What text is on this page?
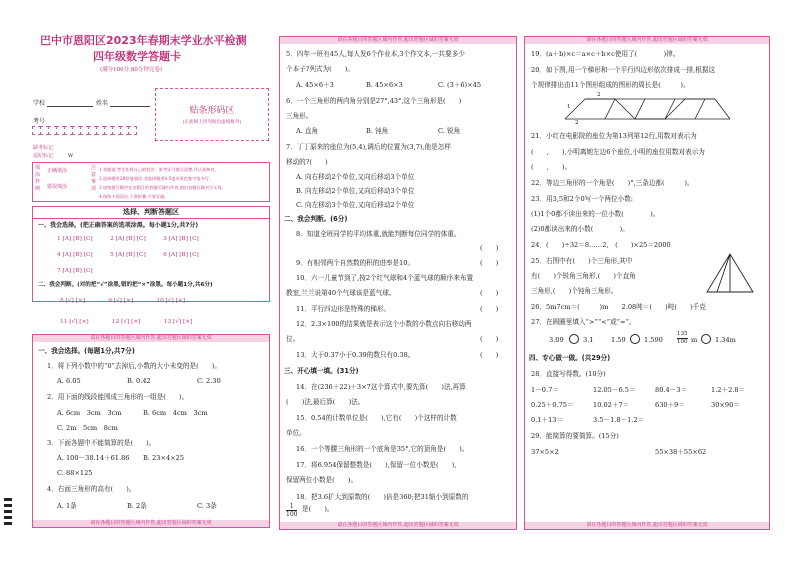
巴中市恩阳区2023年春期末学业水平检测
四年级数学答题卡
(满分100分,80分钟完卷)
学校	姓名
考号
贴条形码区
(正面朝上切勿贴出虚线框外)
缺考标记
违纪标记	W
填涂样例
正确填涂
错误填涂
注意事项
1.答题前,考生先将自己的姓名、准考证号填写清楚,并认真核对。
2.选择题用2B铅笔填涂,非选择题用0.5毫米黑色签字笔书写。
3.请按题号顺序在各题目的答题区域内作答,超出答题区域书写无效。
4.保持卡面清洁,不要折叠,不要弄破。
选择、判断答题区
一、我会选择。(把正确答案的选项涂黑。每小题1分,共7分)
1 [A] [B] [C]　　　	2 [A] [B] [C]　　　	3 [A] [B] [C]
4 [A] [B] [C]　　　	5 [A] [B] [C]　　　	6 [A] [B] [C]
7 [A] [B] [C]
二、我会判断。(对的把“√”涂黑,错的把“×”涂黑。每小题1分,共6分)
8 [√] [×]　　　　	9 [√] [×]　　　　	10 [√] [×]
11 [√] [×]　　　　	12 [√] [×]　　　　	13 [√] [×]
请在各题目的答题区域内作答,超出答题区域的答案无效
一、我会选择。(每题1分,共7分)
1．将下列小数中的“0”去掉后,小数的大小未变的是(　　)。
A. 6.05	B. 0.42	C. 2.30
2．用下面的线段能围成三角形的一组是(　　)。
A. 6cm　3cm　3cm	B. 6cm　4cm　3cm
C. 2m　5cm　8cm
3．下面各题中不能简算的是(　　)。
A. 100－38.14＋61.86 B. 23×4×25
C. 88×125
4．右面三角形的高有(　　)。
A. 1条	B. 2条	C. 3条
请在各题目的答题区域内作答,超出答题区域的答案无效
请在各题目的答题区域内作答,超出答题区域的答案无效
5．四年一班有45人,每人发6个作业本,3个作文本,一共要多少
个本子?列式为(　　)。
A. 45×6＋3	B. 45×6×3	C. (3＋6)×45
6．一个三角形的两内角分别是27°,43°,这个三角形是(　　)
三角形。
A. 直角	B. 钝角	C. 锐角
7．丁丁原来的座位为(5,4),调后的位置为(3,7),他是怎样
移动的?(　　)
A. 向右移动2个单位,又向后移动3个单位
B. 向左移动2个单位,又向后移动3个单位
C. 向左移动3个单位,又向后移动2个单位
二、我会判断。(6分)
8．知道全班同学的平均体重,就能判断每位同学的体重。
(　　)
9．有相邻两个自然数的积的进率是10。	(　　)
10．六一儿童节到了,按2个红气球和4个蓝气球的顺序来布置
教室,兰兰说第40个气球该是蓝气球。	(　　)
11．平行四边形是特殊的梯形。	(　　)
12．2.3×100的结果就是表示这个小数的小数点向右移动两
位。	(　　)
13．大于0.37小于0.39的数只有0.38。	(　　)
三、开心填一填。(31分)
14．在(236＋22)＋3×7这个算式中,要先算(　　)法,再算
(　　)法,最后算(　　)法。
15．0.54的计数单位是(　　),它有(　　)个这样的计数
单位。
16．一个等腰三角形的一个底角是35°,它的顶角是(　　)。
17．将6.954保留整数是(　　),保留一位小数是(　　),
保留两位小数是(　　)。
18．把3.6扩大到原数的(　　)倍是360;把31缩小到原数的
$\frac{1}{100}$ 是(　　)。
请在各题目的答题区域内作答,超出答题区域的答案无效
请在各题目的答题区域内作答,超出答题区域的答案无效
19．(a＋b)×c＝a×c＋b×c使用了(　　　　)律。
20．如下图,用一个梯形和一个平行四边形依次排成一排,根据这
个规律排出由11个图形组成的图形的周长是(　　　)。
2
2
1
21．小红在电影院的座位为第13列第12行,用数对表示为
(　　,　　),小明离她左边6个座位,小明的座位用数对表示为
(　　,　　)。
22．等边三角形的一个角是(　　)°,三条边都(　　　)。
23．用3,5和2个0写一个两位小数:
(1)1个0都不读出来的一位小数(　　　　)。
(2)0都读出来的小数(　　　　)。
24．(　　)÷32＝8……2,　(　　)×25＝2000
25．右图中有(　　)个三角形,其中
有(　　)个锐角三角形,(　　)个直角
三角形,(　　)个钝角三角形。
26．5m7cm＝(　　　)m　　2.08吨＝(　　)吨(　　)千克
27．在圆圈里填入“>”“<”或“=”。
3.09	3.1	1.59	1.590	$\frac{135}{100}$ m	1.34m
四、专心做一做。(共29分)
28．直接写得数。(10分)
1－0.7＝	12.05－6.5＝	80.4－3＝	1.2＋2.8＝
0.25＋0.75＝	10.02＋7＝	630＋9＝	30×90＝
0.1＋13＝	3.5－1.8－1.2＝
29．能简算的要简算。(15分)
37×5×2	55×38＋55×62
请在各题目的答题区域内作答,超出答题区域的答案无效
